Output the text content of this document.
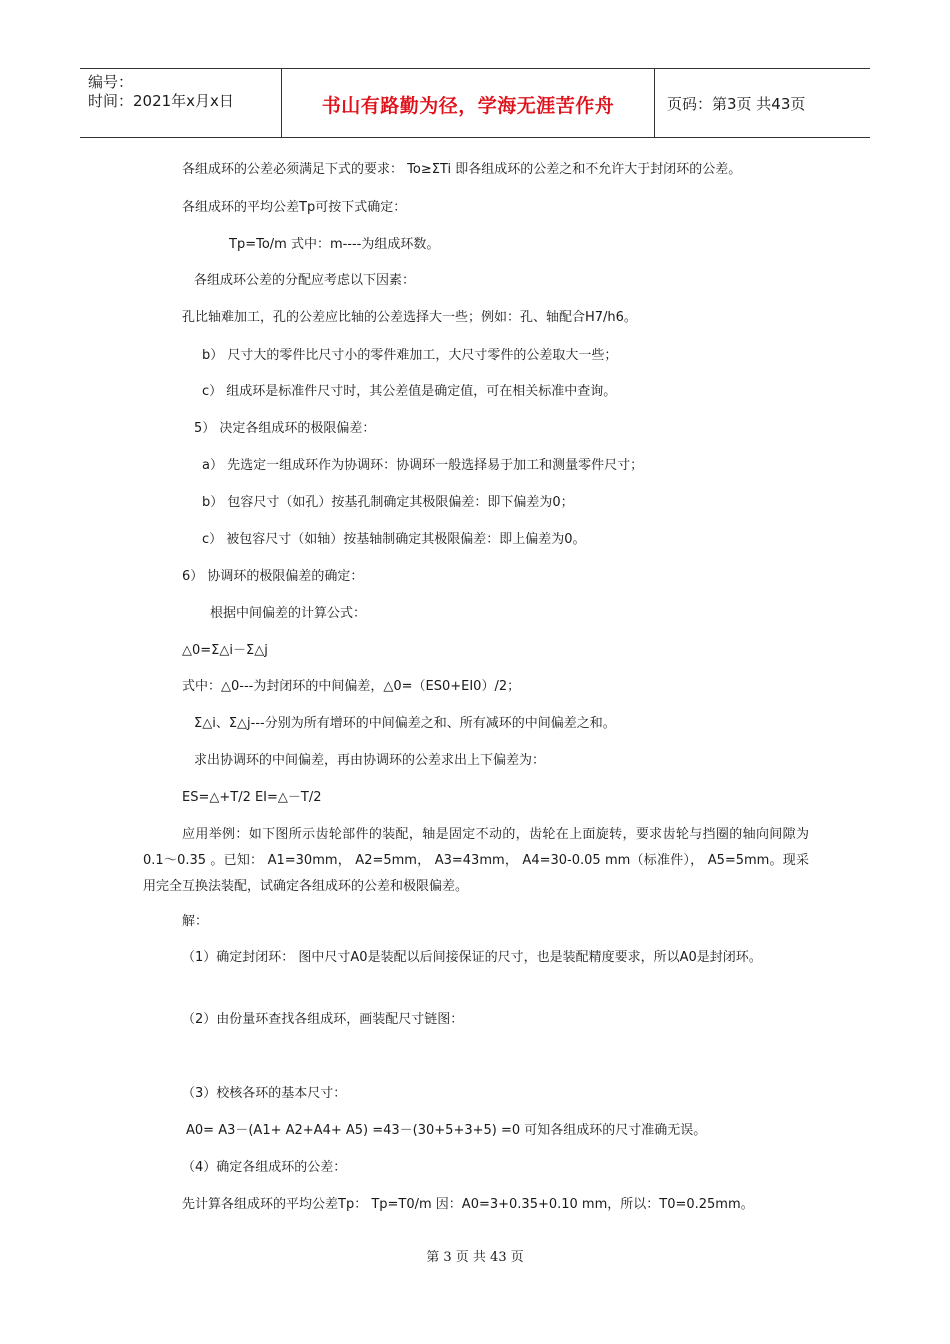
编号：
时间：2021年x月x日	书山有路勤为径，学海无涯苦作舟	页码：第3页 共43页
各组成环的公差必须满足下式的要求： To≥ΣTi 即各组成环的公差之和不允许大于封闭环的公差。
各组成环的平均公差Tp可按下式确定：
Tp=To/m 式中：m----为组成环数。
各组成环公差的分配应考虑以下因素：
孔比轴难加工，孔的公差应比轴的公差选择大一些；例如：孔、轴配合H7/h6。
b） 尺寸大的零件比尺寸小的零件难加工，大尺寸零件的公差取大一些；
c） 组成环是标准件尺寸时，其公差值是确定值，可在相关标准中查询。
5） 决定各组成环的极限偏差：
a） 先选定一组成环作为协调环：协调环一般选择易于加工和测量零件尺寸；
b） 包容尺寸（如孔）按基孔制确定其极限偏差：即下偏差为0；
c） 被包容尺寸（如轴）按基轴制确定其极限偏差：即上偏差为0。
6） 协调环的极限偏差的确定：
根据中间偏差的计算公式：
△0=Σ△i－Σ△j
式中：△0---为封闭环的中间偏差，△0=（ES0+EI0）/2；
Σ△i、Σ△j---分别为所有增环的中间偏差之和、所有减环的中间偏差之和。
求出协调环的中间偏差，再由协调环的公差求出上下偏差为：
ES=△+T/2 EI=△－T/2
应用举例：如下图所示齿轮部件的装配，轴是固定不动的，齿轮在上面旋转，要求齿轮与挡圈的轴向间隙为 0.1～0.35 。已知： A1=30mm， A2=5mm， A3=43mm， A4=30-0.05 mm（标准件）， A5=5mm。现采用完全互换法装配，试确定各组成环的公差和极限偏差。
解：
（1）确定封闭环： 图中尺寸A0是装配以后间接保证的尺寸，也是装配精度要求，所以A0是封闭环。
（2）由份量环查找各组成环，画装配尺寸链图：
（3）校核各环的基本尺寸：
A0= A3－(A1+ A2+A4+ A5) =43－(30+5+3+5) =0 可知各组成环的尺寸准确无误。
（4）确定各组成环的公差：
先计算各组成环的平均公差Tp： Tp=T0/m 因：A0=3+0.35+0.10 mm，所以：T0=0.25mm。
第 3 页 共 43 页
